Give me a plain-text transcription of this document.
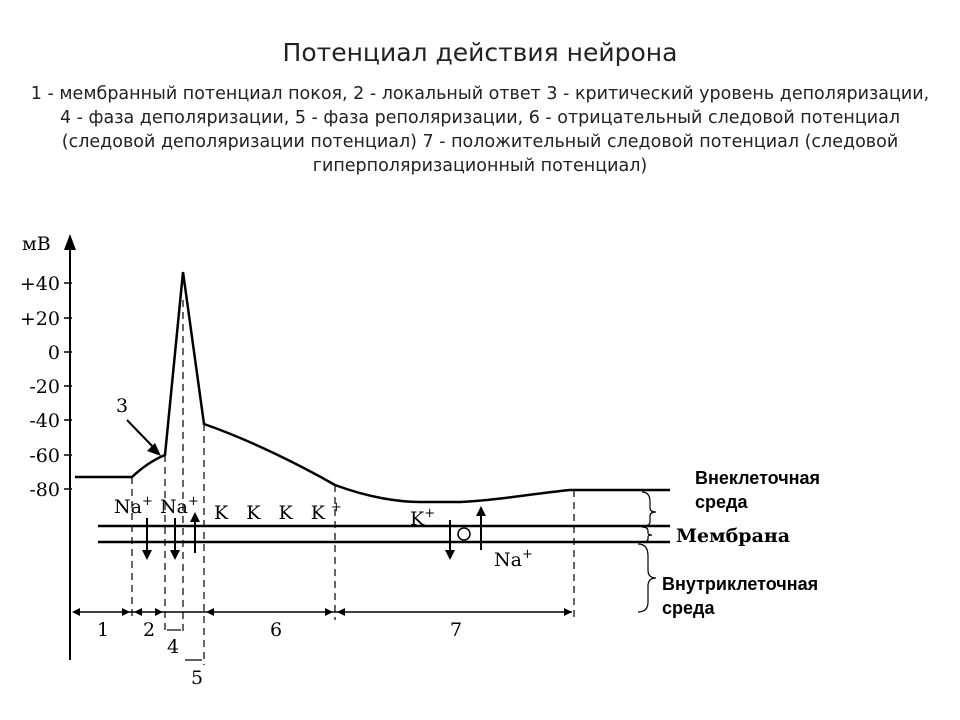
Потенциал действия нейрона

1 - мембранный потенциал покоя, 2 - локальный ответ 3 - критический уровень деполяризации, 4 - фаза деполяризации, 5 - фаза реполяризации, 6 - отрицательный следовой потенциал (следовой деполяризации потенциал) 7 - положительный следовой потенциал (следовой гиперполяризационный потенциал)

мВ
+40
+20
0
-20
-40
-60
-80
3
Na+ Na+
K K K K+
K+
Na+
Мембрана
Внеклеточная
среда
Внутриклеточная
среда
1 2
4
6	7
5
